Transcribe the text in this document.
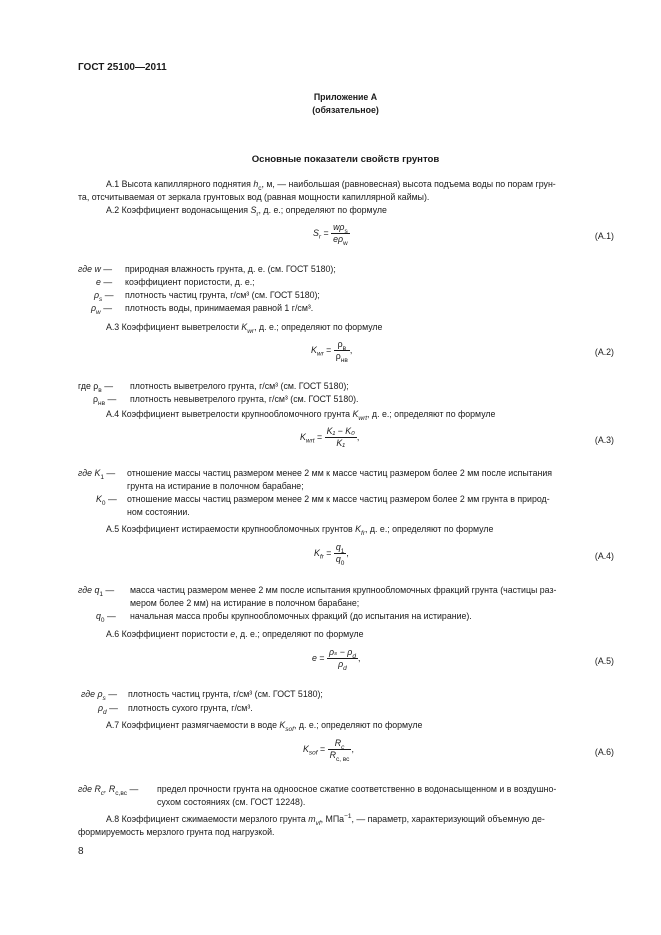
ГОСТ 25100—2011
Приложение А
(обязательное)
Основные показатели свойств грунтов
А.1 Высота капиллярного поднятия $h_c$, м, — наибольшая (равновесная) высота подъема воды по порам грун-
та, отсчитываемая от зеркала грунтовых вод (равная мощности капиллярной каймы).
А.2 Коэффициент водонасыщения $S_r$, д. е.; определяют по формуле
$S_r = \frac{w\rho_s}{e\rho_w}$	(А.1)
где w — природная влажность грунта, д. е. (см. ГОСТ 5180);
e — коэффициент пористости, д. е.;
$\rho_s$ — плотность частиц грунта, г/см³ (см. ГОСТ 5180);
$\rho_w$ — плотность воды, принимаемая равной 1 г/см³.
А.3 Коэффициент выветрелости $K_{wr}$, д. е.; определяют по формуле
$K_{wr} = \frac{\rho_в}{\rho_{нв}}$ ,	(А.2)
где $\rho_в$ — плотность выветрелого грунта, г/см³ (см. ГОСТ 5180);
$\rho_{нв}$ — плотность невыветрелого грунта, г/см³ (см. ГОСТ 5180).
А.4 Коэффициент выветрелости крупнообломочного грунта $K_{wrt}$, д. е.; определяют по формуле
$K_{wrt} = \frac{\text{K₁ − K₀}}{\text{K₁}}$ ,	(А.3)
где $K_1$ — отношение массы частиц размером менее 2 мм к массе частиц размером более 2 мм после испытания
грунта на истирание в полочном барабане;
$K_0$ — отношение массы частиц размером менее 2 мм к массе частиц размером более 2 мм грунта в природ-
ном состоянии.
А.5 Коэффициент истираемости крупнообломочных грунтов $K_{fr}$, д. е.; определяют по формуле
$K_{fr} = \frac{q_1}{q_0}$ ,	(А.4)
где $q_1$ — масса частиц размером менее 2 мм после испытания крупнообломочных фракций грунта (частицы раз-
мером более 2 мм) на истирание в полочном барабане;
$q_0$ — начальная масса пробы крупнообломочных фракций (до испытания на истирание).
А.6 Коэффициент пористости e, д. е.; определяют по формуле
$e = \frac{\rho_s - \rho_d}{\rho_d}$ ,	(А.5)
где $\rho_s$ — плотность частиц грунта, г/см³ (см. ГОСТ 5180);
$\rho_d$ — плотность сухого грунта, г/см³.
А.7 Коэффициент размягчаемости в воде $K_{sof}$, д. е.; определяют по формуле
$K_{sof} = \frac{R_c}{R_{c, вс}}$ ,	(А.6)
где $R_c$, $R_{c,вс}$ — предел прочности грунта на одноосное сжатие соответственно в водонасыщенном и в воздушно-
сухом состояниях (см. ГОСТ 12248).
А.8 Коэффициент сжимаемости мерзлого грунта $m_{vf}$, МПа$^{-1}$, — параметр, характеризующий объемную де-
формируемость мерзлого грунта под нагрузкой.
8
